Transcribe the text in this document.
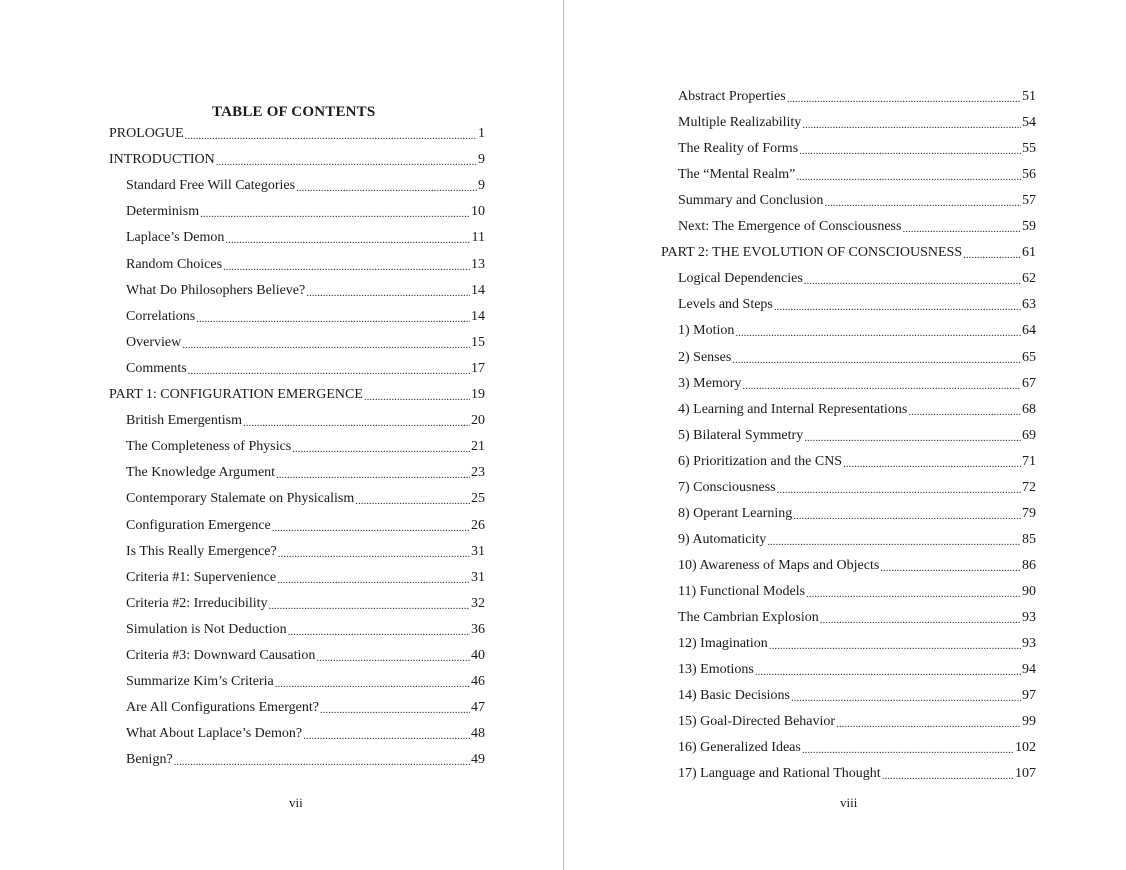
TABLE OF CONTENTS
PROLOGUE .....	1
INTRODUCTION .....	9
Standard Free Will Categories .....	9
Determinism .....	10
Laplace’s Demon .....	11
Random Choices .....	13
What Do Philosophers Believe? .....	14
Correlations .....	14
Overview .....	15
Comments .....	17
PART 1: CONFIGURATION EMERGENCE .....	19
British Emergentism .....	20
The Completeness of Physics .....	21
The Knowledge Argument .....	23
Contemporary Stalemate on Physicalism .....	25
Configuration Emergence .....	26
Is This Really Emergence? .....	31
Criteria #1: Supervenience .....	31
Criteria #2: Irreducibility .....	32
Simulation is Not Deduction .....	36
Criteria #3: Downward Causation .....	40
Summarize Kim’s Criteria .....	46
Are All Configurations Emergent? .....	47
What About Laplace’s Demon? .....	48
Benign? .....	49
vii
Abstract Properties .....	51
Multiple Realizability .....	54
The Reality of Forms .....	55
The “Mental Realm” .....	56
Summary and Conclusion .....	57
Next: The Emergence of Consciousness .....	59
PART 2: THE EVOLUTION OF CONSCIOUSNESS .....	61
Logical Dependencies .....	62
Levels and Steps .....	63
1) Motion .....	64
2) Senses .....	65
3) Memory .....	67
4) Learning and Internal Representations .....	68
5) Bilateral Symmetry .....	69
6) Prioritization and the CNS .....	71
7) Consciousness .....	72
8) Operant Learning .....	79
9) Automaticity .....	85
10) Awareness of Maps and Objects .....	86
11) Functional Models .....	90
The Cambrian Explosion .....	93
12) Imagination .....	93
13) Emotions .....	94
14) Basic Decisions .....	97
15) Goal-Directed Behavior .....	99
16) Generalized Ideas .....	102
17) Language and Rational Thought .....	107
viii
